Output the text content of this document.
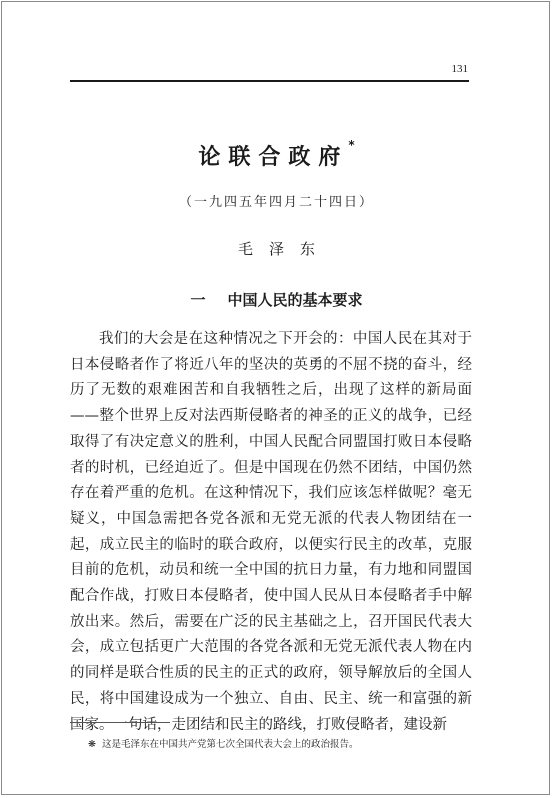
131
论联合政府*
（一九四五年四月二十四日）
毛泽东
一 中国人民的基本要求

我们的大会是在这种情况之下开会的：中国人民在其对于日本侵略者作了将近八年的坚决的英勇的不屈不挠的奋斗，经历了无数的艰难困苦和自我牺牲之后，出现了这样的新局面——整个世界上反对法西斯侵略者的神圣的正义的战争，已经取得了有决定意义的胜利，中国人民配合同盟国打败日本侵略者的时机，已经迫近了。但是中国现在仍然不团结，中国仍然存在着严重的危机。在这种情况下，我们应该怎样做呢？毫无疑义，中国急需把各党各派和无党无派的代表人物团结在一起，成立民主的临时的联合政府，以便实行民主的改革，克服目前的危机，动员和统一全中国的抗日力量，有力地和同盟国配合作战，打败日本侵略者，使中国人民从日本侵略者手中解放出来。然后，需要在广泛的民主基础之上，召开国民代表大会，成立包括更广大范围的各党各派和无党无派代表人物在内的同样是联合性质的民主的正式的政府，领导解放后的全国人民，将中国建设成为一个独立、自由、民主、统一和富强的新国家。一句话，走团结和民主的路线，打败侵略者，建设新

❋ 这是毛泽东在中国共产党第七次全国代表大会上的政治报告。
